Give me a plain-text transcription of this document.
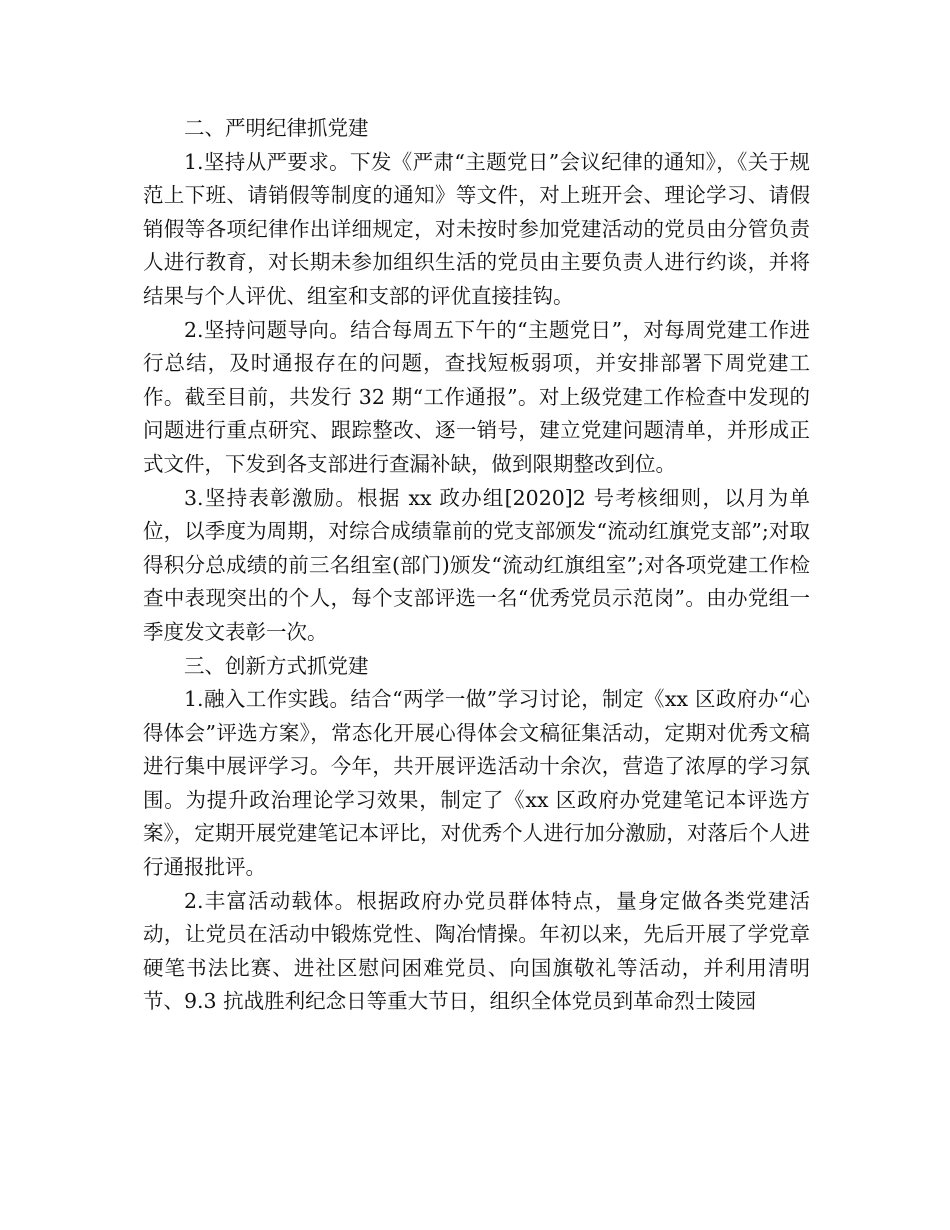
二、严明纪律抓党建

1.坚持从严要求。下发《严肃“主题党日”会议纪律的通知》，《关于规范上下班、请销假等制度的通知》等文件，对上班开会、理论学习、请假销假等各项纪律作出详细规定，对未按时参加党建活动的党员由分管负责人进行教育，对长期未参加组织生活的党员由主要负责人进行约谈，并将结果与个人评优、组室和支部的评优直接挂钩。

2.坚持问题导向。结合每周五下午的“主题党日”，对每周党建工作进行总结，及时通报存在的问题，查找短板弱项，并安排部署下周党建工作。截至目前，共发行 32 期“工作通报”。对上级党建工作检查中发现的问题进行重点研究、跟踪整改、逐一销号，建立党建问题清单，并形成正式文件，下发到各支部进行查漏补缺，做到限期整改到位。

3.坚持表彰激励。根据 xx 政办组[2020]2 号考核细则，以月为单位，以季度为周期，对综合成绩靠前的党支部颁发“流动红旗党支部”;对取得积分总成绩的前三名组室(部门)颁发“流动红旗组室”;对各项党建工作检查中表现突出的个人，每个支部评选一名“优秀党员示范岗”。由办党组一季度发文表彰一次。

三、创新方式抓党建

1.融入工作实践。结合“两学一做”学习讨论，制定《xx 区政府办“心得体会”评选方案》，常态化开展心得体会文稿征集活动，定期对优秀文稿进行集中展评学习。今年，共开展评选活动十余次，营造了浓厚的学习氛围。为提升政治理论学习效果，制定了《xx 区政府办党建笔记本评选方案》，定期开展党建笔记本评比，对优秀个人进行加分激励，对落后个人进行通报批评。

2.丰富活动载体。根据政府办党员群体特点，量身定做各类党建活动，让党员在活动中锻炼党性、陶冶情操。年初以来，先后开展了学党章硬笔书法比赛、进社区慰问困难党员、向国旗敬礼等活动，并利用清明节、9.3 抗战胜利纪念日等重大节日，组织全体党员到革命烈士陵园
